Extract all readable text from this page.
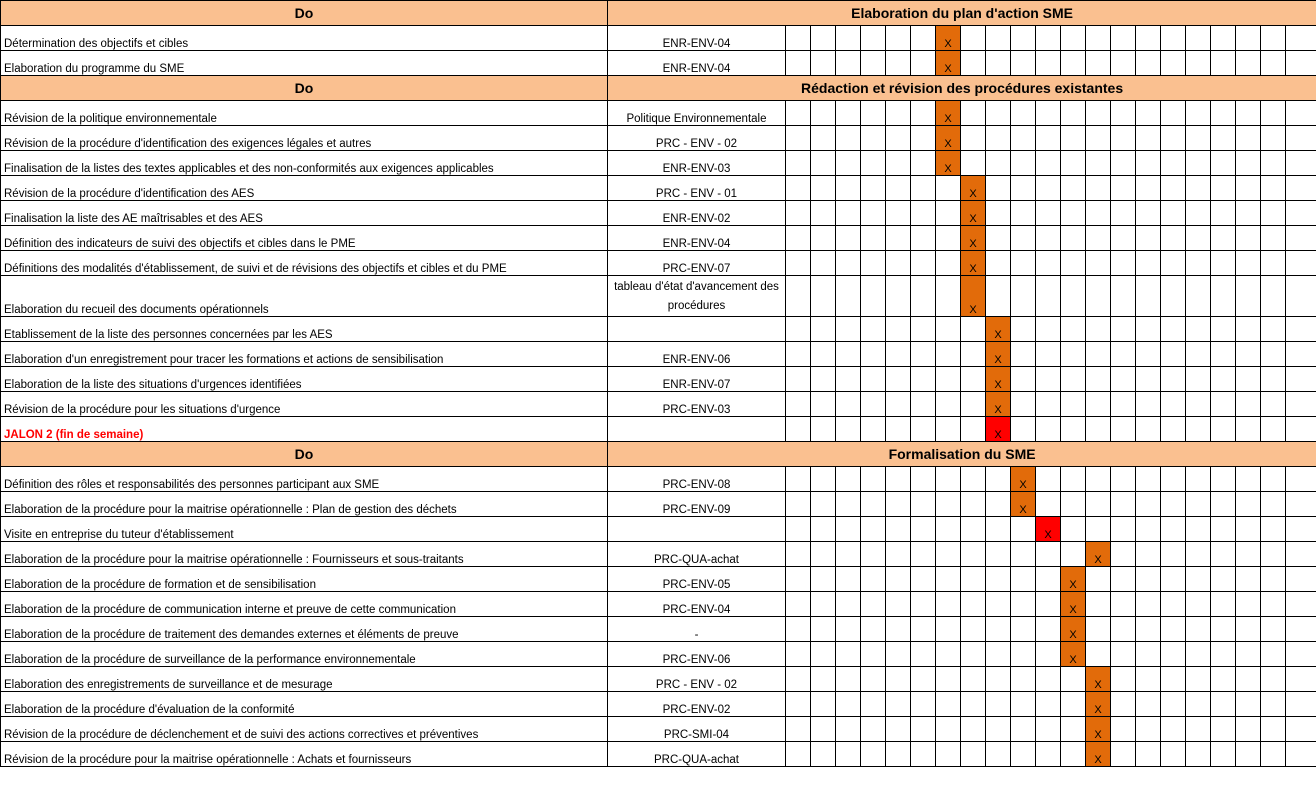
Do	Elaboration du plan d'action SME																					
Détermination des objectifs et cibles	ENR-ENV-04							X														
Elaboration du programme du SME	ENR-ENV-04							X														
Do	Rédaction et révision des procédures existantes																					
Révision de la politique environnementale	Politique Environnementale							X														
Révision de la procédure d'identification des exigences légales et autres	PRC - ENV - 02							X														
Finalisation de la listes des textes applicables et des non-conformités aux exigences applicables	ENR-ENV-03							X														
Révision de la procédure d'identification des AES	PRC - ENV - 01								X													
Finalisation la liste des AE maîtrisables et des AES	ENR-ENV-02								X													
Définition des indicateurs de suivi des objectifs et cibles dans le PME	ENR-ENV-04								X													
Définitions des modalités d'établissement, de suivi et de révisions des objectifs et cibles et du PME	PRC-ENV-07								X													
Elaboration du recueil des documents opérationnels	tableau d'état d'avancement des procédures								X													
Etablissement de la liste des personnes concernées par les AES										X												
Elaboration d'un enregistrement pour tracer les formations et actions de sensibilisation	ENR-ENV-06									X												
Elaboration de la liste des situations d'urgences identifiées	ENR-ENV-07									X												
Révision de la procédure pour les situations d'urgence	PRC-ENV-03									X												
JALON 2 (fin de semaine)										X												
Do	Formalisation du SME																					
Définition des rôles et responsabilités des personnes participant aux SME	PRC-ENV-08										X											
Elaboration de la procédure pour la maitrise opérationnelle : Plan de gestion des déchets	PRC-ENV-09										X											
Visite en entreprise du tuteur d'établissement												X										
Elaboration de la procédure pour la maitrise opérationnelle : Fournisseurs et sous-traitants	PRC-QUA-achat													X								
Elaboration de la procédure de formation et de sensibilisation	PRC-ENV-05												X									
Elaboration de la procédure de communication interne et preuve de cette communication	PRC-ENV-04												X									
Elaboration de la procédure de traitement des demandes externes et éléments de preuve	-												X									
Elaboration de la procédure de surveillance de la performance environnementale	PRC-ENV-06												X									
Elaboration des enregistrements de surveillance et de mesurage	PRC - ENV - 02													X								
Elaboration de la procédure d'évaluation de la conformité	PRC-ENV-02													X								
Révision de la procédure de déclenchement et de suivi des actions correctives et préventives	PRC-SMI-04													X								
Révision de la procédure pour la maitrise opérationnelle : Achats et fournisseurs	PRC-QUA-achat													X								
